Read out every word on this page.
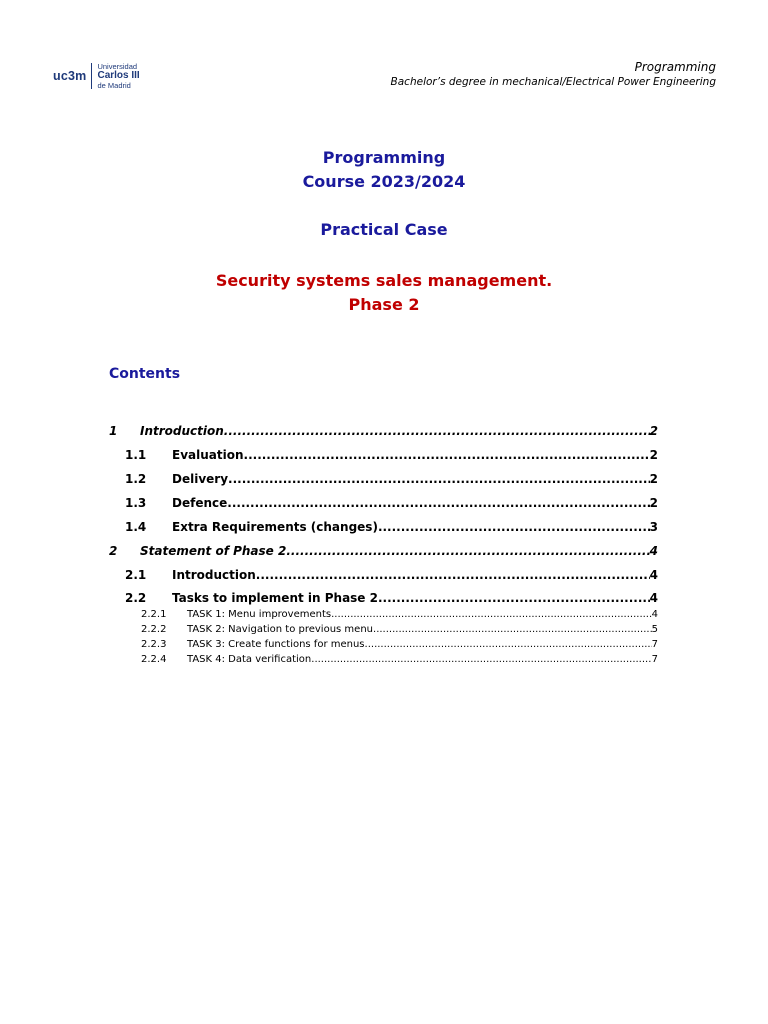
uc3m
Universidad
Carlos III
de Madrid
Programming
Bachelor’s degree in mechanical/Electrical Power Engineering
Programming
Course 2023/2024
Practical Case
Security systems sales management.
Phase 2
Contents
1	Introduction .....	2
1.1	Evaluation .....	2
1.2	Delivery .....	2
1.3	Defence .....	2
1.4	Extra Requirements (changes) .....	3
2	Statement of Phase 2 .....	4
2.1	Introduction .....	4
2.2	Tasks to implement in Phase 2 .....	4
2.2.1	TASK 1: Menu improvements. .....	4
2.2.2	TASK 2: Navigation to previous menu .....	5
2.2.3	TASK 3: Create functions for menus .....	7
2.2.4	TASK 4: Data verification .....	7
